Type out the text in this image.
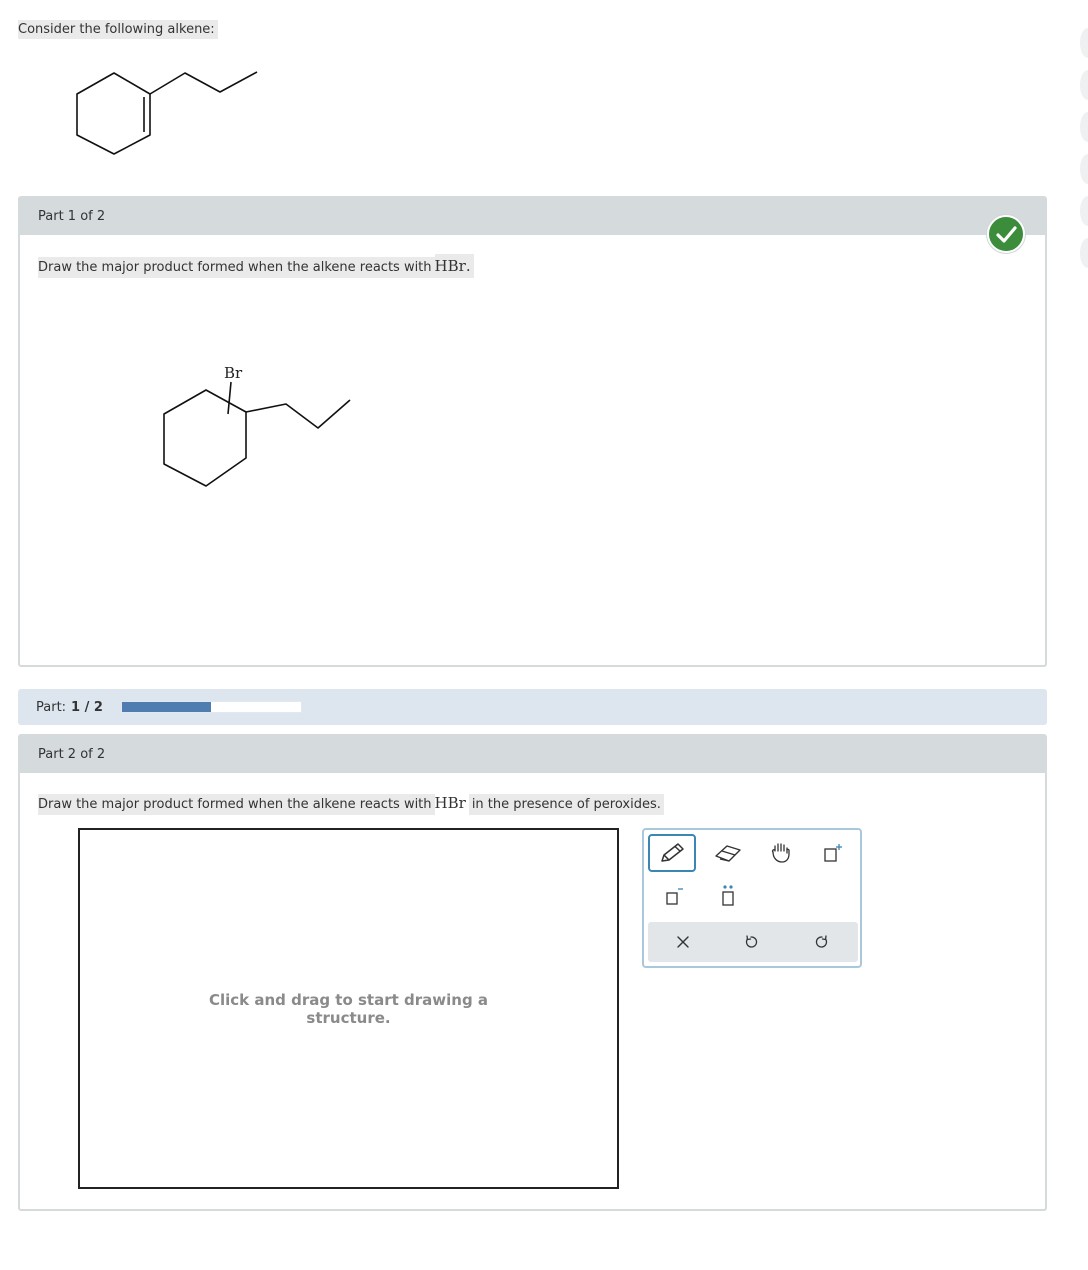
Consider the following alkene:
Part 1 of 2
Draw the major product formed when the alkene reacts withHBr.
Br
Part: 1 / 2
Part 2 of 2
Draw the major product formed when the alkene reacts withHBrin the presence of peroxides.
Click and drag to start drawing a structure.
